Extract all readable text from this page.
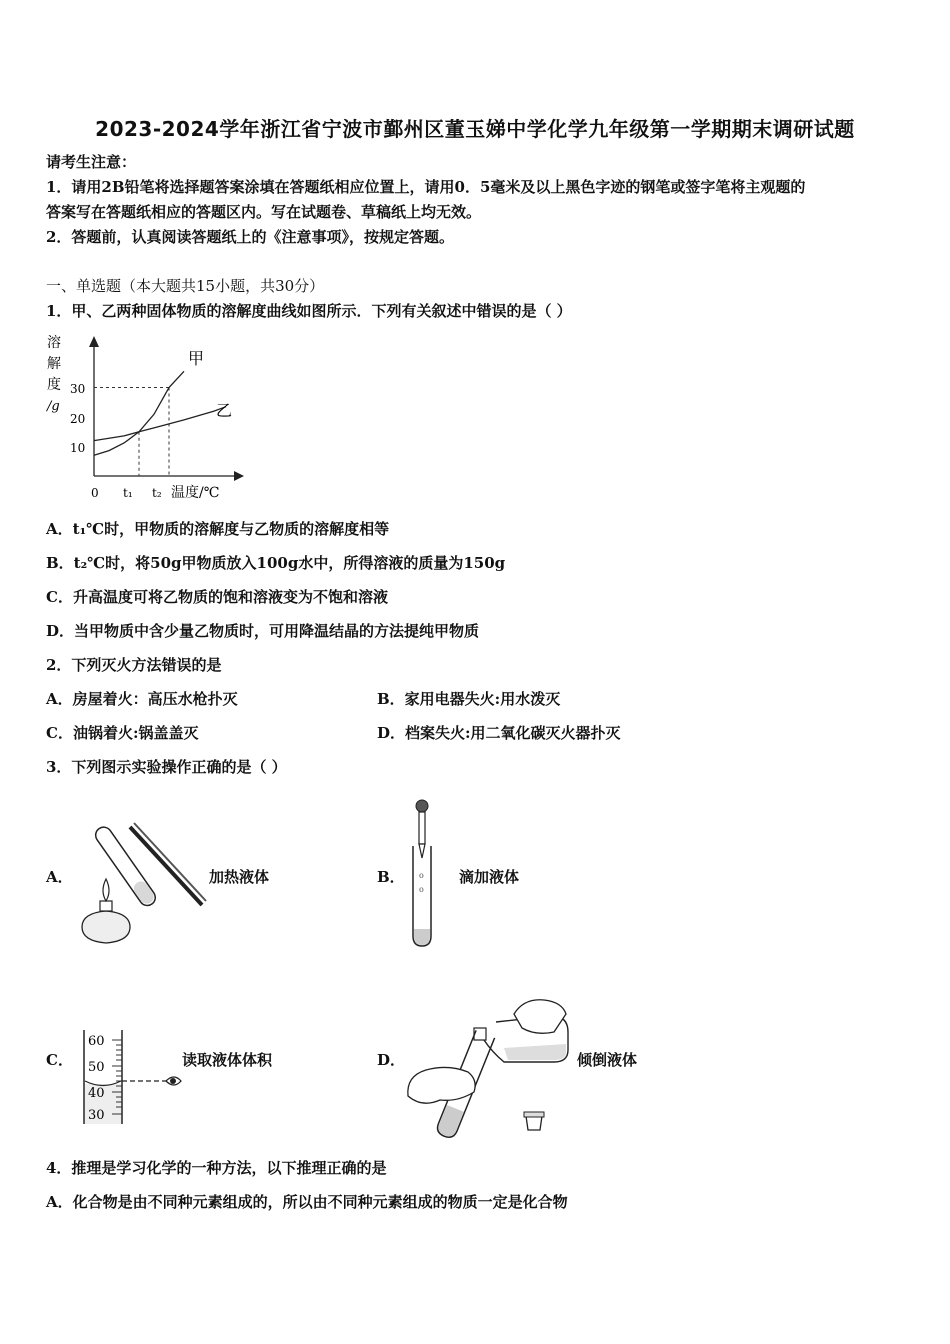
2023-2024学年浙江省宁波市鄞州区董玉娣中学化学九年级第一学期期末调研试题
请考生注意：
1．请用2B铅笔将选择题答案涂填在答题纸相应位置上，请用0．5毫米及以上黑色字迹的钢笔或签字笔将主观题的
答案写在答题纸相应的答题区内。写在试题卷、草稿纸上均无效。
2．答题前，认真阅读答题纸上的《注意事项》，按规定答题。
一、单选题（本大题共15小题，共30分）
1．甲、乙两种固体物质的溶解度曲线如图所示．下列有关叙述中错误的是（ ）
溶
解
度
/g
10
20
30
0 t₁ t₂ 温度/℃
甲
乙
A．t₁℃时，甲物质的溶解度与乙物质的溶解度相等
B．t₂℃时，将50g甲物质放入100g水中，所得溶液的质量为150g
C．升高温度可将乙物质的饱和溶液变为不饱和溶液
D．当甲物质中含少量乙物质时，可用降温结晶的方法提纯甲物质
2．下列灭火方法错误的是
A．房屋着火：高压水枪扑灭	B．家用电器失火:用水泼灭
C．油锅着火:锅盖盖灭	D．档案失火:用二氧化碳灭火器扑灭
3．下列图示实验操作正确的是（ ）
A．	加热液体	B． o
o
滴加液体
C．
60
50
40
30
读取液体体积	D．	倾倒液体
4．推理是学习化学的一种方法，以下推理正确的是
A．化合物是由不同种元素组成的，所以由不同种元素组成的物质一定是化合物
